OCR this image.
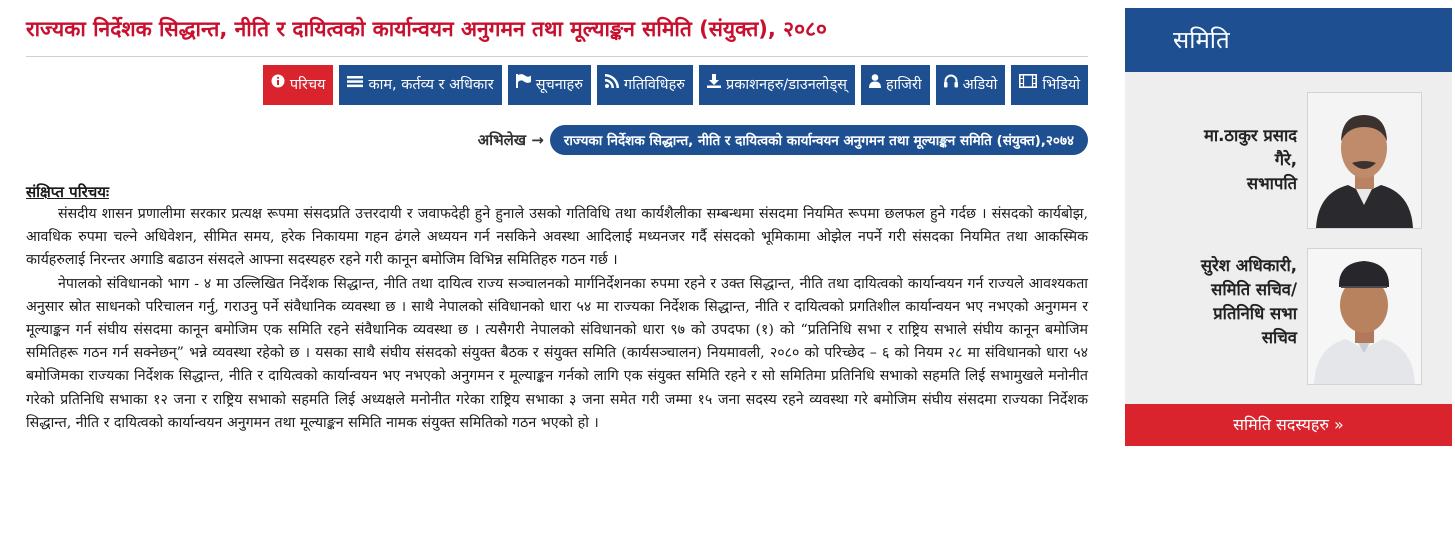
राज्यका निर्देशक सिद्धान्त, नीति र दायित्वको कार्यान्वयन अनुगमन तथा मूल्याङ्कन समिति (संयुक्त), २०८०
परिचय	काम, कर्तव्य र अधिकार	सूचनाहरु	गतिविधिहरु	प्रकाशनहरु/डाउनलोड्स्	हाजिरी	अडियो	भिडियो
अभिलेख →	राज्यका निर्देशक सिद्धान्त, नीति र दायित्वको कार्यान्वयन अनुगमन तथा मूल्याङ्कन समिति (संयुक्त),२०७४
संक्षिप्त परिचयः

संसदीय शासन प्रणालीमा सरकार प्रत्यक्ष रूपमा संसदप्रति उत्तरदायी र जवाफदेही हुने हुनाले उसको गतिविधि तथा कार्यशैलीका सम्बन्धमा संसदमा नियमित रूपमा छलफल हुने गर्दछ । संसदको कार्यबोझ, आवधिक रुपमा चल्ने अधिवेशन, सीमित समय, हरेक निकायमा गहन ढंगले अध्ययन गर्न नसकिने अवस्था आदिलाई मध्यनजर गर्दै संसदको भूमिकामा ओझेल नपर्ने गरी संसदका नियमित तथा आकस्मिक कार्यहरुलाई निरन्तर अगाडि बढाउन संसदले आफ्ना सदस्यहरु रहने गरी कानून बमोजिम विभिन्न समितिहरु गठन गर्छ ।

नेपालको संविधानको भाग - ४ मा उल्लिखित निर्देशक सिद्धान्त, नीति तथा दायित्व राज्य सञ्चालनको मार्गनिर्देशनका रुपमा रहने र उक्त सिद्धान्त, नीति तथा दायित्वको कार्यान्वयन गर्न राज्यले आवश्यकता अनुसार स्रोत साधनको परिचालन गर्नु, गराउनु पर्ने संवैधानिक व्यवस्था छ । साथै नेपालको संविधानको धारा ५४ मा राज्यका निर्देशक सिद्धान्त, नीति र दायित्वको प्रगतिशील कार्यान्वयन भए नभएको अनुगमन र मूल्याङ्कन गर्न संघीय संसदमा कानून बमोजिम एक समिति रहने संवैधानिक व्यवस्था छ । त्यसैगरी नेपालको संविधानको धारा ९७ को उपदफा (१) को “प्रतिनिधि सभा र राष्ट्रिय सभाले संघीय कानून बमोजिम समितिहरू गठन गर्न सक्नेछन्” भन्ने व्यवस्था रहेको छ । यसका साथै संघीय संसदको संयुक्त बैठक र संयुक्त समिति (कार्यसञ्चालन) नियमावली, २०८० को परिच्छेद – ६ को नियम २८ मा संविधानको धारा ५४ बमोजिमका राज्यका निर्देशक सिद्धान्त, नीति र दायित्वको कार्यान्वयन भए नभएको अनुगमन र मूल्याङ्कन गर्नको लागि एक संयुक्त समिति रहने र सो समितिमा प्रतिनिधि सभाको सहमति लिई सभामुखले मनोनीत गरेको प्रतिनिधि सभाका १२ जना र राष्ट्रिय सभाको सहमति लिई अध्यक्षले मनोनीत गरेका राष्ट्रिय सभाका ३ जना समेत गरी जम्मा १५ जना सदस्य रहने व्यवस्था गरे बमोजिम संघीय संसदमा राज्यका निर्देशक सिद्धान्त, नीति र दायित्वको कार्यान्वयन अनुगमन तथा मूल्याङ्कन समिति नामक संयुक्त समितिको गठन भएको हो ।

समिति
मा.ठाकुर प्रसाद
गैरे,
सभापति
सुरेश अधिकारी,
समिति सचिव/
प्रतिनिधि सभा
सचिव
समिति सदस्यहरु »
